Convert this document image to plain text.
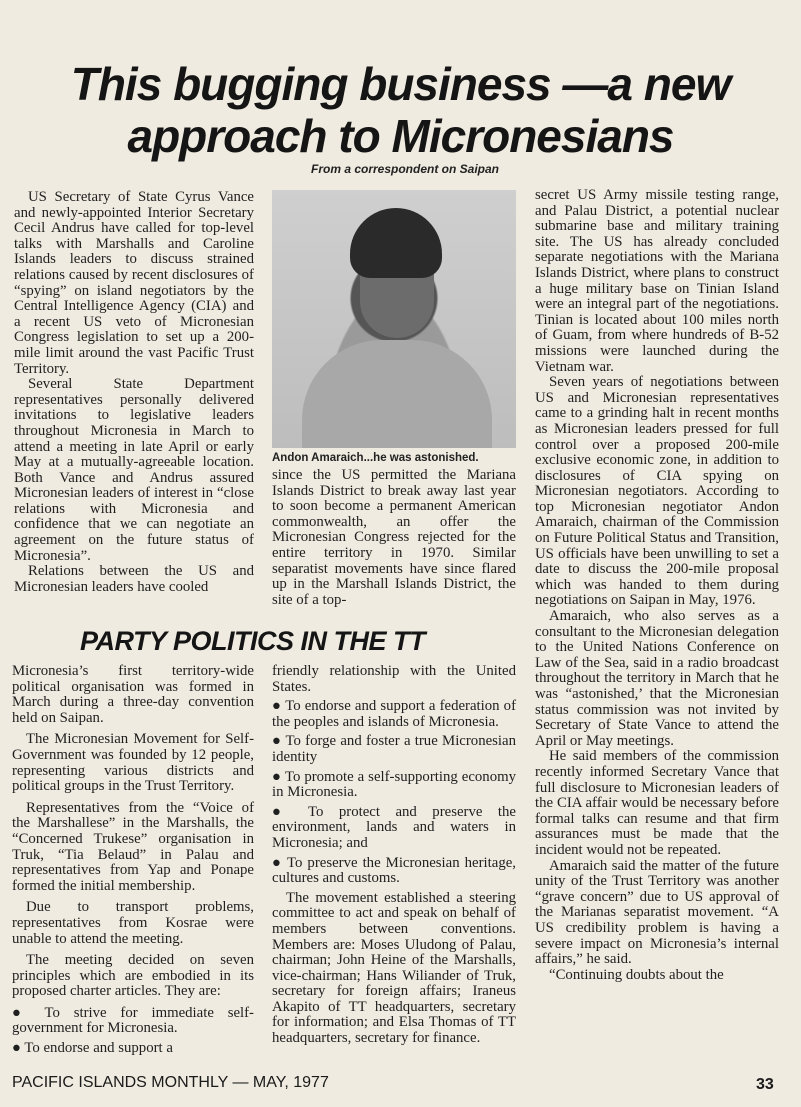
This bugging business —a new approach to Micronesians
From a correspondent on Saipan

US Secretary of State Cyrus Vance and newly-appointed Interior Secretary Cecil Andrus have called for top-level talks with Marshalls and Caroline Islands leaders to discuss strained relations caused by recent disclosures of “spying” on island negotiators by the Central Intelligence Agency (CIA) and a recent US veto of Micronesian Congress legislation to set up a 200-mile limit around the vast Pacific Trust Territory.

Several State Department representatives personally delivered invitations to legislative leaders throughout Micronesia in March to attend a meeting in late April or early May at a mutually-agreeable location. Both Vance and Andrus assured Micronesian leaders of interest in “close relations with Micronesia and confidence that we can negotiate an agreement on the future status of Micronesia”.

Relations between the US and Micronesian leaders have cooled

Andon Amaraich...he was astonished.

since the US permitted the Mariana Islands District to break away last year to soon become a permanent American commonwealth, an offer the Micronesian Congress rejected for the entire territory in 1970. Similar separatist movements have since flared up in the Marshall Islands District, the site of a top-

secret US Army missile testing range, and Palau District, a potential nuclear submarine base and military training site. The US has already concluded separate negotiations with the Mariana Islands District, where plans to construct a huge military base on Tinian Island were an integral part of the negotiations. Tinian is located about 100 miles north of Guam, from where hundreds of B-52 missions were launched during the Vietnam war.

Seven years of negotiations between US and Micronesian representatives came to a grinding halt in recent months as Micronesian leaders pressed for full control over a proposed 200-mile exclusive economic zone, in addition to disclosures of CIA spying on Micronesian negotiators. According to top Micronesian negotiator Andon Amaraich, chairman of the Commission on Future Political Status and Transition, US officials have been unwilling to set a date to discuss the 200-mile proposal which was handed to them during negotiations on Saipan in May, 1976.

Amaraich, who also serves as a consultant to the Micronesian delegation to the United Nations Conference on Law of the Sea, said in a radio broadcast throughout the territory in March that he was “astonished,’ that the Micronesian status commission was not invited by Secretary of State Vance to attend the April or May meetings.

He said members of the commission recently informed Secretary Vance that full disclosure to Micronesian leaders of the CIA affair would be necessary before formal talks can resume and that firm assurances must be made that the incident would not be repeated.

Amaraich said the matter of the future unity of the Trust Territory was another “grave concern” due to US approval of the Marianas separatist movement. “A US credibility problem is having a severe impact on Micronesia’s internal affairs,” he said.

“Continuing doubts about the

PARTY POLITICS IN THE TT

Micronesia’s first territory-wide political organisation was formed in March during a three-day convention held on Saipan.

The Micronesian Movement for Self-Government was founded by 12 people, representing various districts and political groups in the Trust Territory.

Representatives from the “Voice of the Marshallese” in the Marshalls, the “Concerned Trukese” organisation in Truk, “Tia Belaud” in Palau and representatives from Yap and Ponape formed the initial membership.

Due to transport problems, representatives from Kosrae were unable to attend the meeting.

The meeting decided on seven principles which are embodied in its proposed charter articles. They are:

● To strive for immediate self-government for Micronesia.

● To endorse and support a

friendly relationship with the United States.

● To endorse and support a federation of the peoples and islands of Micronesia.

● To forge and foster a true Micronesian identity

● To promote a self-supporting economy in Micronesia.

● To protect and preserve the environment, lands and waters in Micronesia; and

● To preserve the Micronesian heritage, cultures and customs.

The movement established a steering committee to act and speak on behalf of members between conventions. Members are: Moses Uludong of Palau, chairman; John Heine of the Marshalls, vice-chairman; Hans Wiliander of Truk, secretary for foreign affairs; Iraneus Akapito of TT headquarters, secretary for information; and Elsa Thomas of TT headquarters, secretary for finance.

PACIFIC ISLANDS MONTHLY — MAY, 1977	33
